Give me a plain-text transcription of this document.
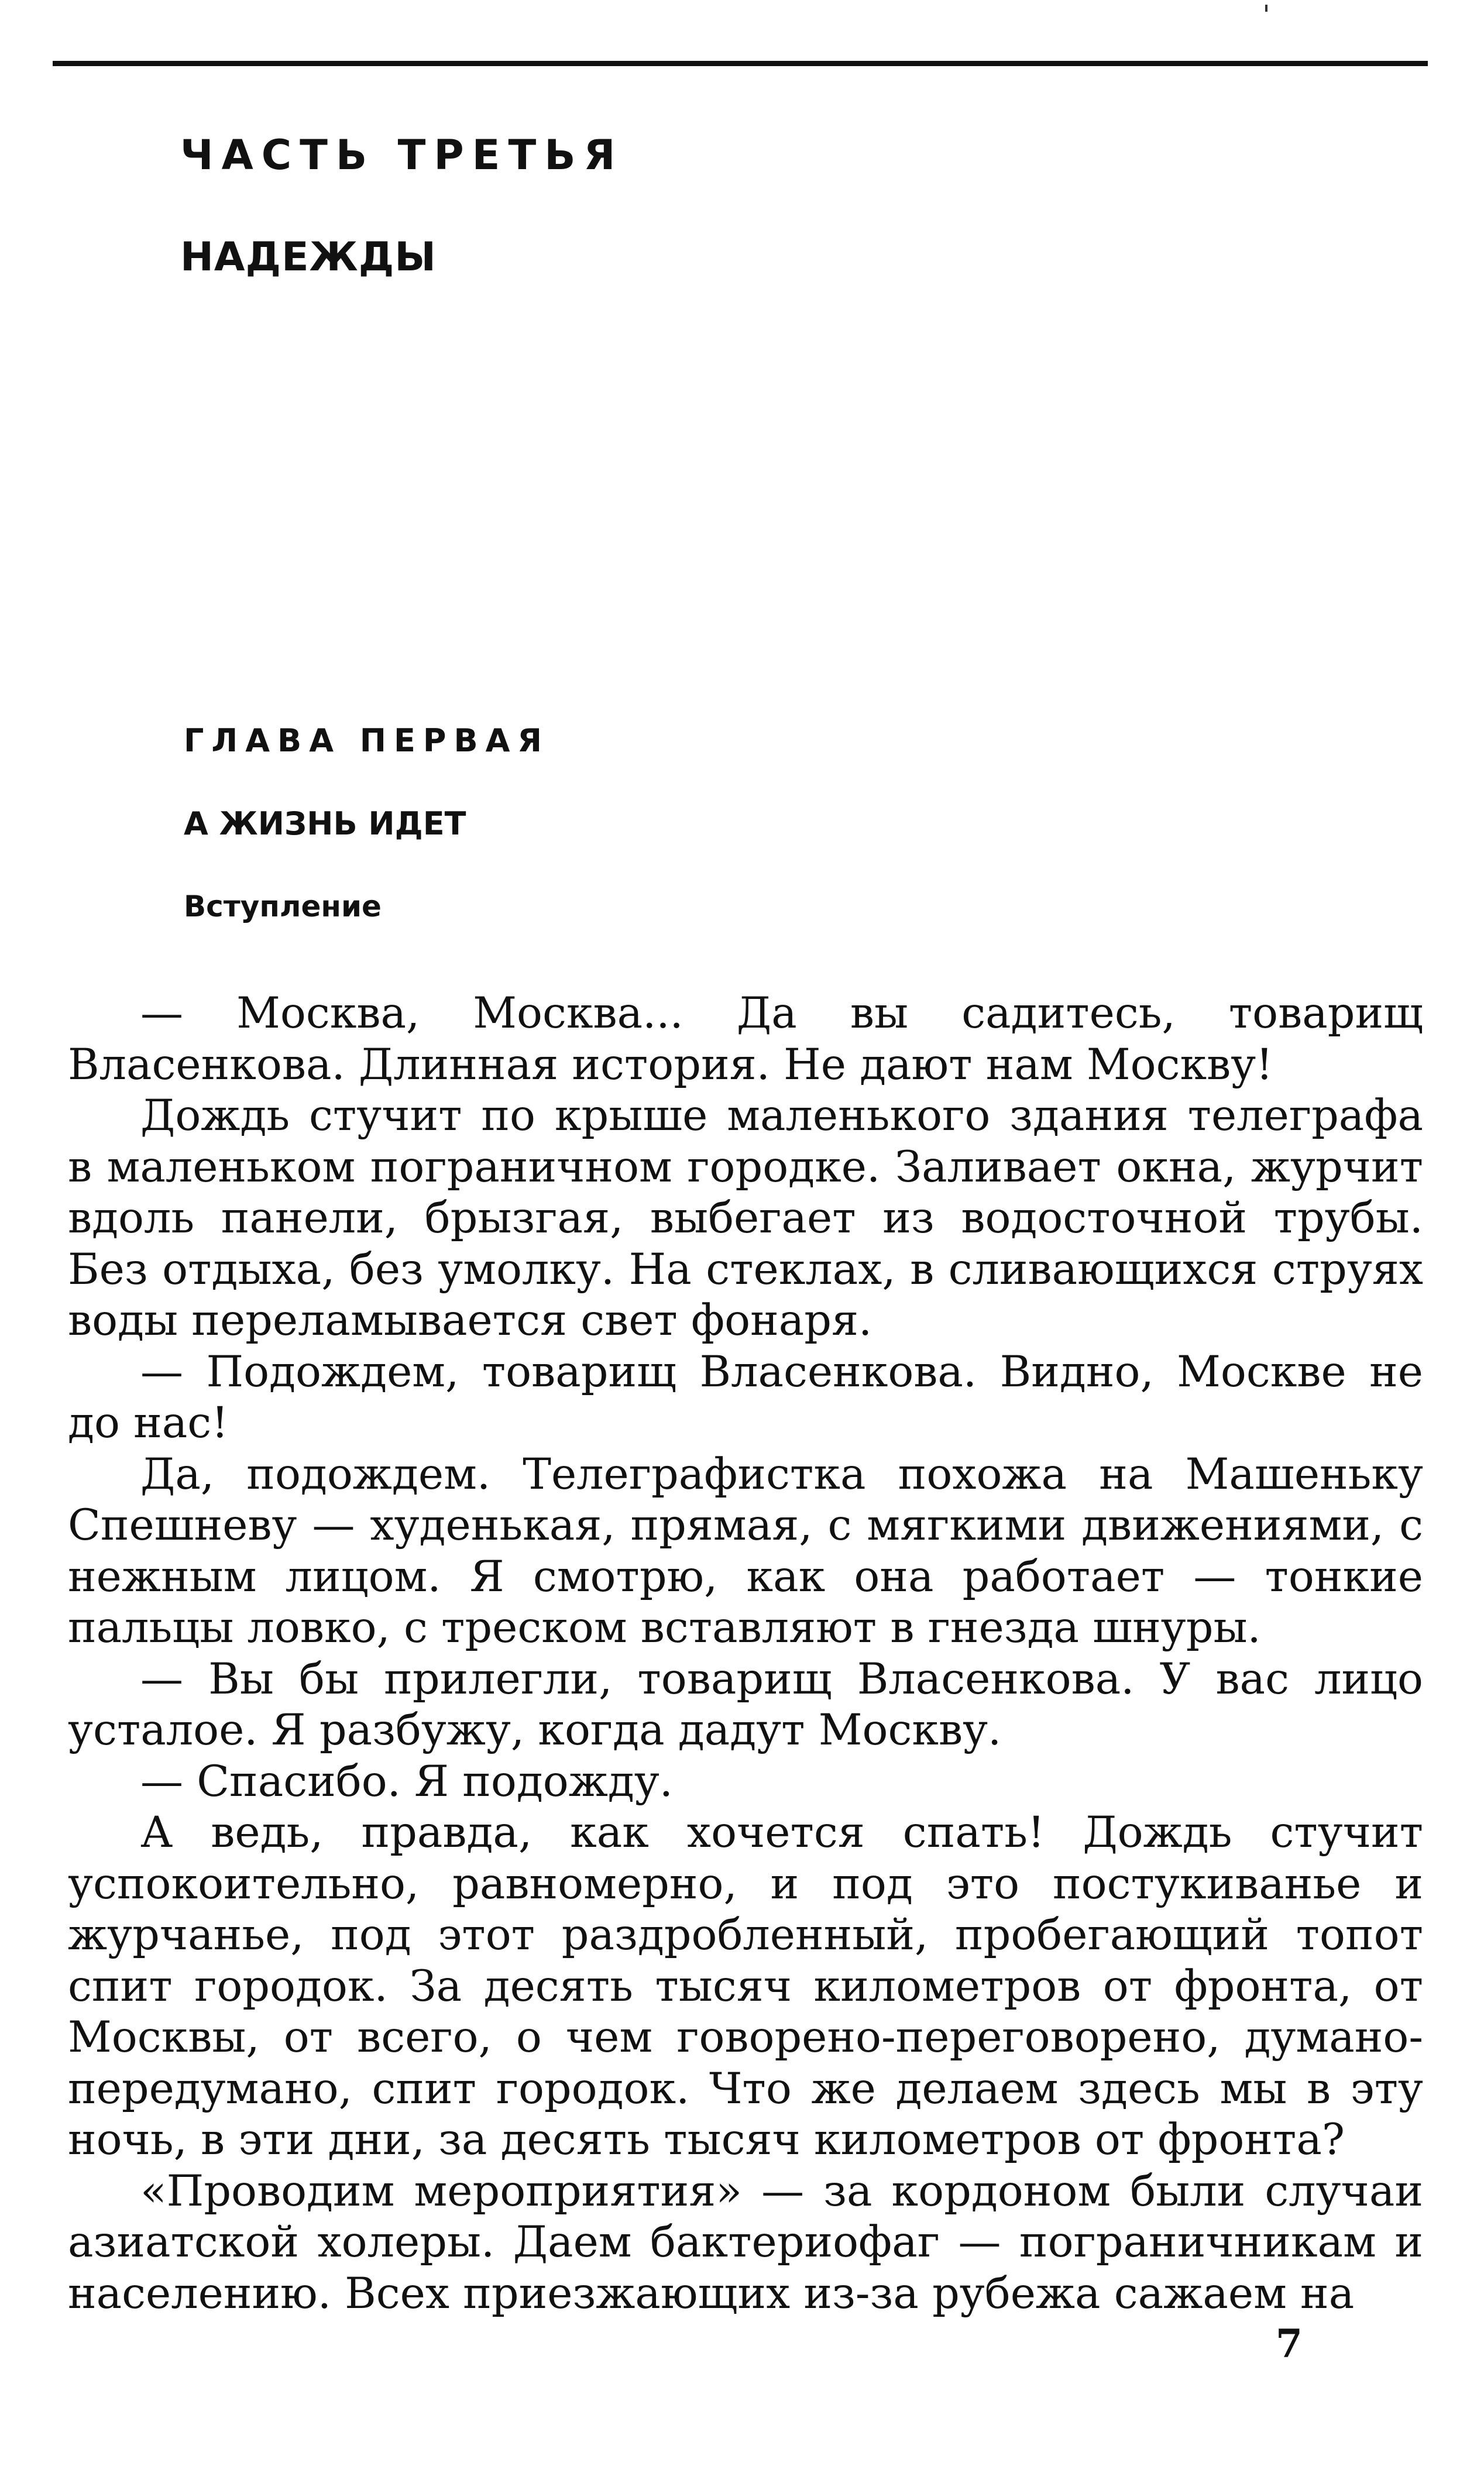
ЧАСТЬ ТРЕТЬЯ
НАДЕЖДЫ
ГЛАВА ПЕРВАЯ
А ЖИЗНЬ ИДЕТ
Вступление

— Москва, Москва... Да вы садитесь, товарищ Власенкова. Длинная история. Не дают нам Москву!

Дождь стучит по крыше маленького здания телеграфа в маленьком пограничном городке. Заливает окна, журчит вдоль панели, брызгая, выбегает из водосточной трубы. Без отдыха, без умолку. На стеклах, в сливающихся струях воды переламывается свет фонаря.

— Подождем, товарищ Власенкова. Видно, Москве не до нас!

Да, подождем. Телеграфистка похожа на Машеньку Спешневу — худенькая, прямая, с мягкими движениями, с нежным лицом. Я смотрю, как она работает — тонкие пальцы ловко, с треском вставляют в гнезда шнуры.

— Вы бы прилегли, товарищ Власенкова. У вас лицо усталое. Я разбужу, когда дадут Москву.

— Спасибо. Я подожду.

А ведь, правда, как хочется спать! Дождь стучит успокоительно, равномерно, и под это постукиванье и журчанье, под этот раздробленный, пробегающий топот спит городок. За десять тысяч километров от фронта, от Москвы, от всего, о чем говорено-переговорено, думано-передумано, спит городок. Что же делаем здесь мы в эту ночь, в эти дни, за десять тысяч километров от фронта?

«Проводим мероприятия» — за кордоном были случаи азиатской холеры. Даем бактериофаг — пограничникам и населению. Всех приезжающих из-за рубежа сажаем на

7
